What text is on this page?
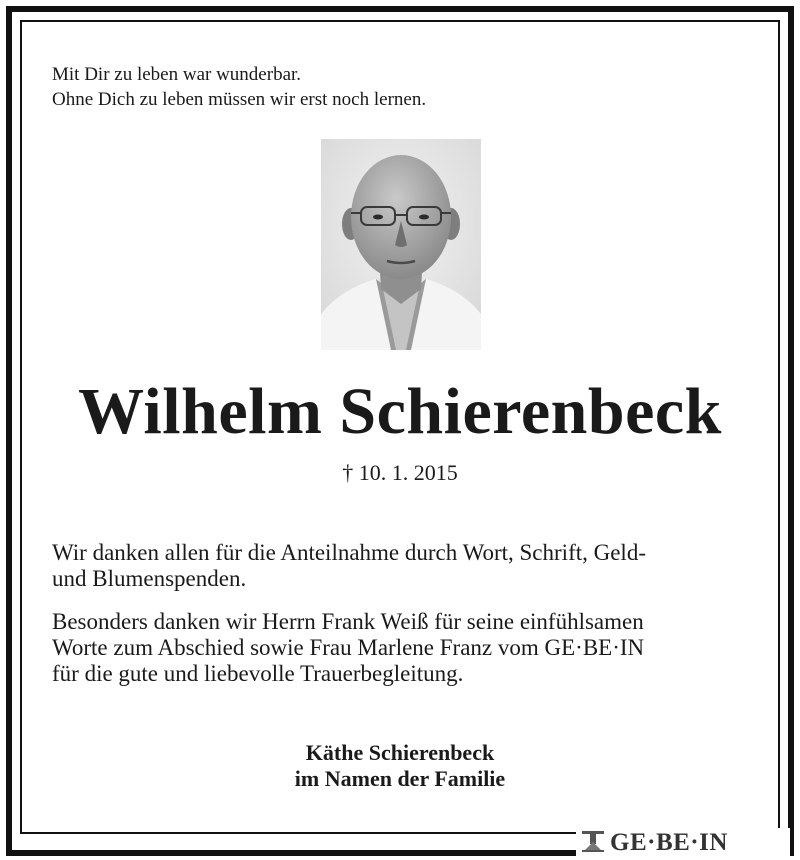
Mit Dir zu leben war wunderbar.
Ohne Dich zu leben müssen wir erst noch lernen.

Wilhelm Schierenbeck
† 10. 1. 2015

Wir danken allen für die Anteilnahme durch Wort, Schrift, Geld-
und Blumenspenden.

Besonders danken wir Herrn Frank Weiß für seine einfühlsamen
Worte zum Abschied sowie Frau Marlene Franz vom GE·BE·IN
für die gute und liebevolle Trauerbegleitung.

Käthe Schierenbeck
im Namen der Familie
GE·BE·IN
